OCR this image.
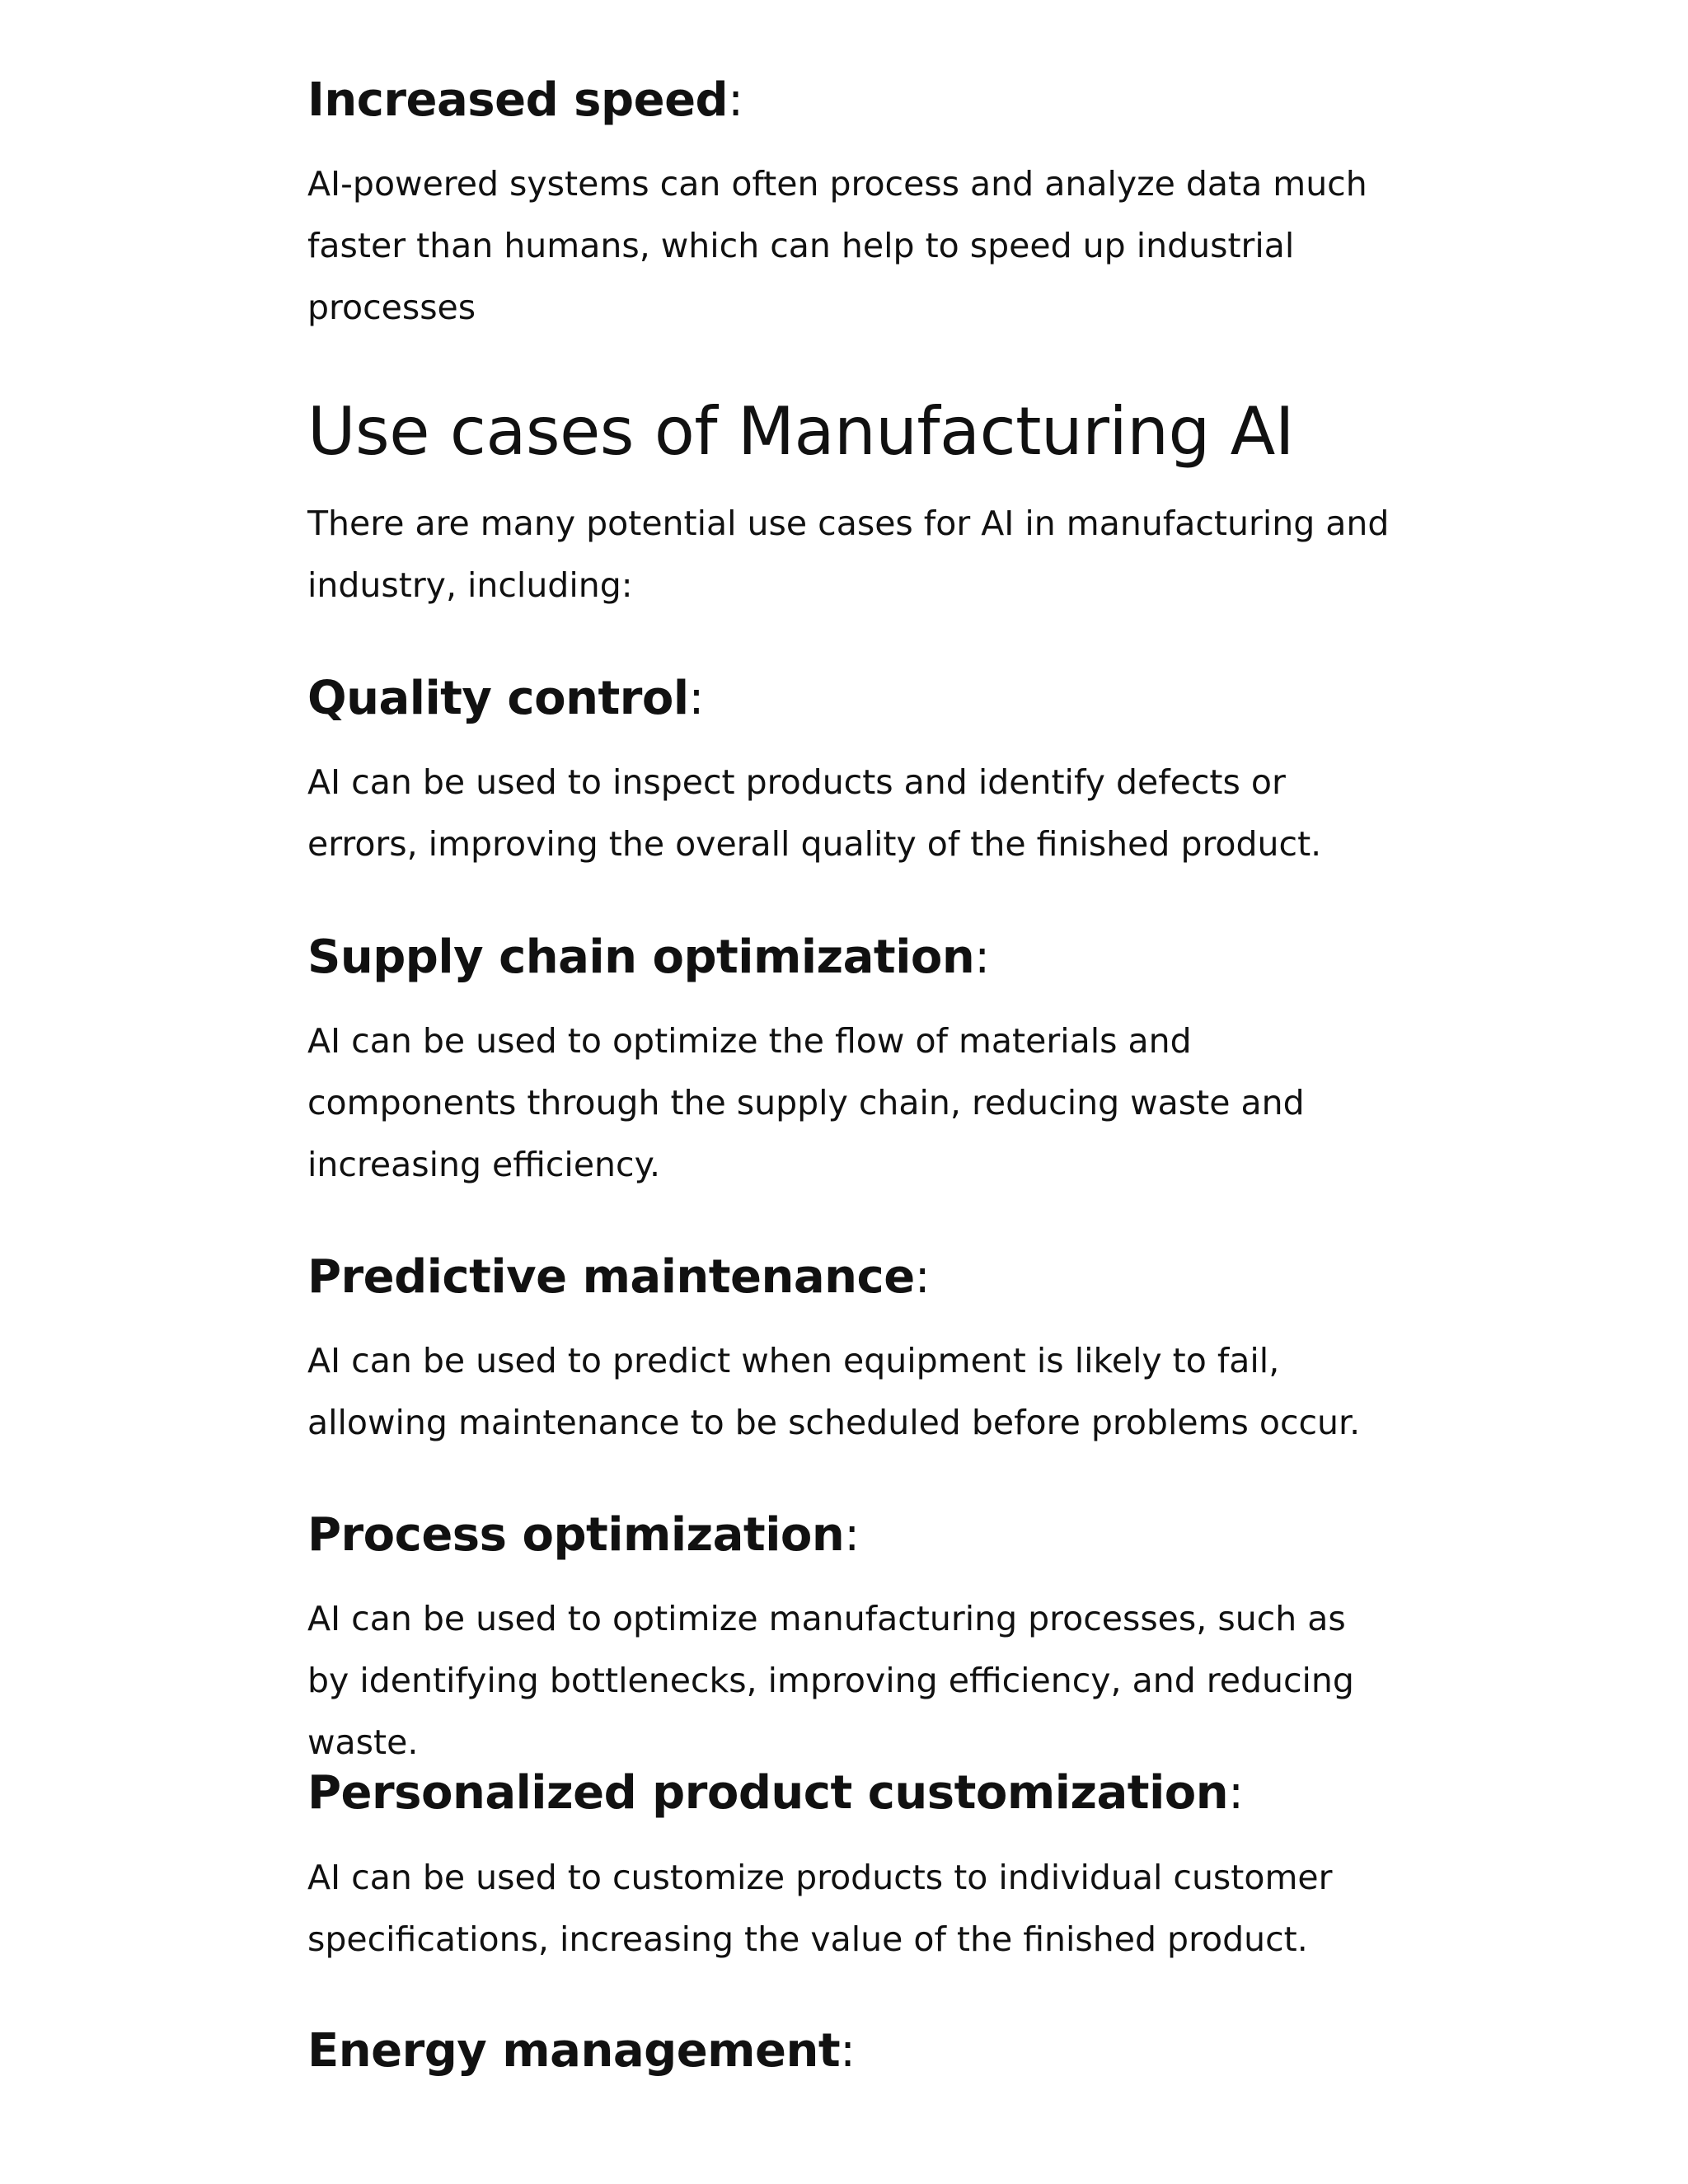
Increased speed:

AI-powered systems can often process and analyze data much faster than humans, which can help to speed up industrial processes

Use cases of Manufacturing AI

There are many potential use cases for AI in manufacturing and industry, including:

Quality control:

AI can be used to inspect products and identify defects or errors, improving the overall quality of the finished product.

Supply chain optimization:

AI can be used to optimize the flow of materials and components through the supply chain, reducing waste and increasing efficiency.

Predictive maintenance:

AI can be used to predict when equipment is likely to fail, allowing maintenance to be scheduled before problems occur.

Process optimization:

AI can be used to optimize manufacturing processes, such as by identifying bottlenecks, improving efficiency, and reducing waste.

Personalized product customization:

AI can be used to customize products to individual customer specifications, increasing the value of the finished product.

Energy management:
